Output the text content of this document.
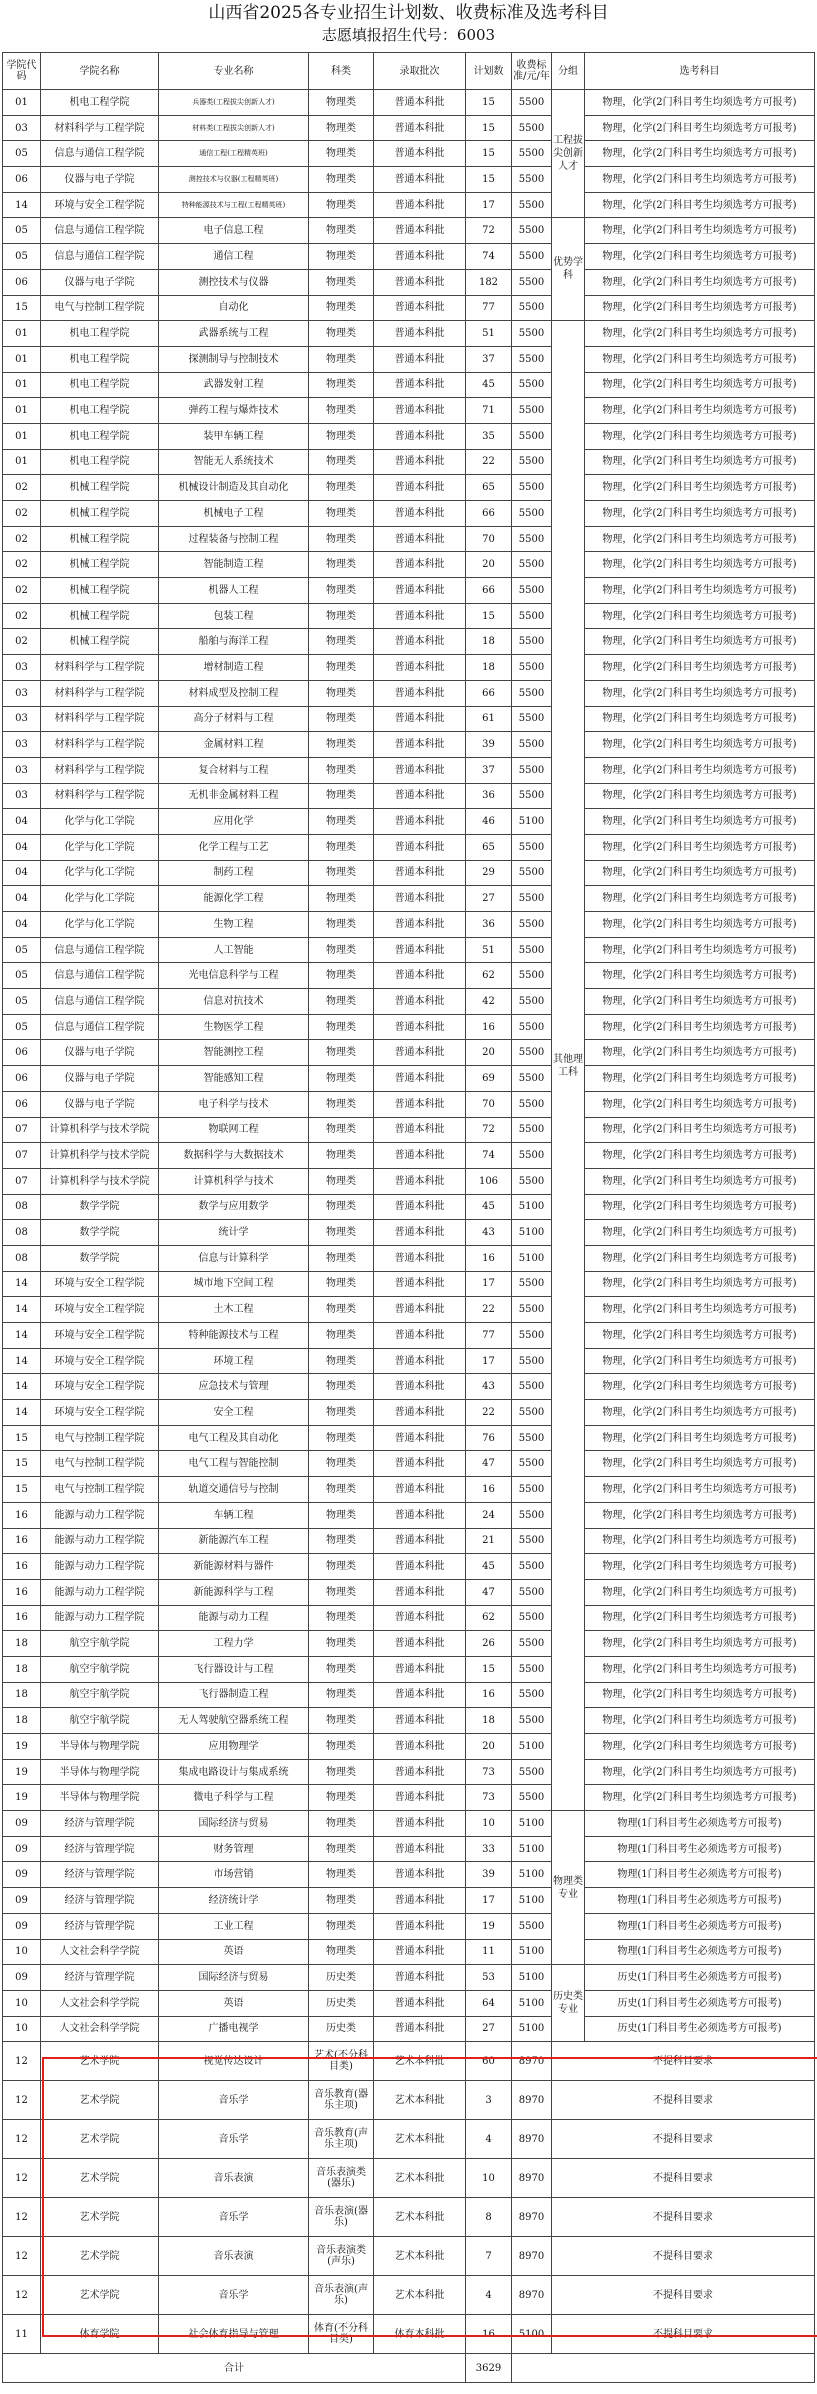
山西省2025各专业招生计划数、收费标准及选考科目
志愿填报招生代号：6003
学院代码	学院名称	专业名称	科类	录取批次	计划数	收费标准/元/年	分组	选考科目
01	机电工程学院	兵器类(工程拔尖创新人才)	物理类	普通本科批	15	5500	工程拔尖创新人才	物理，化学(2门科目考生均须选考方可报考)
03	材料科学与工程学院	材料类(工程拔尖创新人才)	物理类	普通本科批	15	5500		物理，化学(2门科目考生均须选考方可报考)
05	信息与通信工程学院	通信工程(工程精英班)	物理类	普通本科批	15	5500		物理，化学(2门科目考生均须选考方可报考)
06	仪器与电子学院	测控技术与仪器(工程精英班)	物理类	普通本科批	15	5500		物理，化学(2门科目考生均须选考方可报考)
14	环境与安全工程学院	特种能源技术与工程(工程精英班)	物理类	普通本科批	17	5500		物理，化学(2门科目考生均须选考方可报考)
05	信息与通信工程学院	电子信息工程	物理类	普通本科批	72	5500	优势学科	物理，化学(2门科目考生均须选考方可报考)
05	信息与通信工程学院	通信工程	物理类	普通本科批	74	5500		物理，化学(2门科目考生均须选考方可报考)
06	仪器与电子学院	测控技术与仪器	物理类	普通本科批	182	5500		物理，化学(2门科目考生均须选考方可报考)
15	电气与控制工程学院	自动化	物理类	普通本科批	77	5500		物理，化学(2门科目考生均须选考方可报考)
01	机电工程学院	武器系统与工程	物理类	普通本科批	51	5500	其他理工科	物理，化学(2门科目考生均须选考方可报考)
01	机电工程学院	探测制导与控制技术	物理类	普通本科批	37	5500		物理，化学(2门科目考生均须选考方可报考)
01	机电工程学院	武器发射工程	物理类	普通本科批	45	5500		物理，化学(2门科目考生均须选考方可报考)
01	机电工程学院	弹药工程与爆炸技术	物理类	普通本科批	71	5500		物理，化学(2门科目考生均须选考方可报考)
01	机电工程学院	装甲车辆工程	物理类	普通本科批	35	5500		物理，化学(2门科目考生均须选考方可报考)
01	机电工程学院	智能无人系统技术	物理类	普通本科批	22	5500		物理，化学(2门科目考生均须选考方可报考)
02	机械工程学院	机械设计制造及其自动化	物理类	普通本科批	65	5500		物理，化学(2门科目考生均须选考方可报考)
02	机械工程学院	机械电子工程	物理类	普通本科批	66	5500		物理，化学(2门科目考生均须选考方可报考)
02	机械工程学院	过程装备与控制工程	物理类	普通本科批	70	5500		物理，化学(2门科目考生均须选考方可报考)
02	机械工程学院	智能制造工程	物理类	普通本科批	20	5500		物理，化学(2门科目考生均须选考方可报考)
02	机械工程学院	机器人工程	物理类	普通本科批	66	5500		物理，化学(2门科目考生均须选考方可报考)
02	机械工程学院	包装工程	物理类	普通本科批	15	5500		物理，化学(2门科目考生均须选考方可报考)
02	机械工程学院	船舶与海洋工程	物理类	普通本科批	18	5500		物理，化学(2门科目考生均须选考方可报考)
03	材料科学与工程学院	增材制造工程	物理类	普通本科批	18	5500		物理，化学(2门科目考生均须选考方可报考)
03	材料科学与工程学院	材料成型及控制工程	物理类	普通本科批	66	5500		物理，化学(2门科目考生均须选考方可报考)
03	材料科学与工程学院	高分子材料与工程	物理类	普通本科批	61	5500		物理，化学(2门科目考生均须选考方可报考)
03	材料科学与工程学院	金属材料工程	物理类	普通本科批	39	5500		物理，化学(2门科目考生均须选考方可报考)
03	材料科学与工程学院	复合材料与工程	物理类	普通本科批	37	5500		物理，化学(2门科目考生均须选考方可报考)
03	材料科学与工程学院	无机非金属材料工程	物理类	普通本科批	36	5500		物理，化学(2门科目考生均须选考方可报考)
04	化学与化工学院	应用化学	物理类	普通本科批	46	5100		物理，化学(2门科目考生均须选考方可报考)
04	化学与化工学院	化学工程与工艺	物理类	普通本科批	65	5500		物理，化学(2门科目考生均须选考方可报考)
04	化学与化工学院	制药工程	物理类	普通本科批	29	5500		物理，化学(2门科目考生均须选考方可报考)
04	化学与化工学院	能源化学工程	物理类	普通本科批	27	5500		物理，化学(2门科目考生均须选考方可报考)
04	化学与化工学院	生物工程	物理类	普通本科批	36	5500		物理，化学(2门科目考生均须选考方可报考)
05	信息与通信工程学院	人工智能	物理类	普通本科批	51	5500		物理，化学(2门科目考生均须选考方可报考)
05	信息与通信工程学院	光电信息科学与工程	物理类	普通本科批	62	5500		物理，化学(2门科目考生均须选考方可报考)
05	信息与通信工程学院	信息对抗技术	物理类	普通本科批	42	5500		物理，化学(2门科目考生均须选考方可报考)
05	信息与通信工程学院	生物医学工程	物理类	普通本科批	16	5500		物理，化学(2门科目考生均须选考方可报考)
06	仪器与电子学院	智能测控工程	物理类	普通本科批	20	5500		物理，化学(2门科目考生均须选考方可报考)
06	仪器与电子学院	智能感知工程	物理类	普通本科批	69	5500		物理，化学(2门科目考生均须选考方可报考)
06	仪器与电子学院	电子科学与技术	物理类	普通本科批	70	5500		物理，化学(2门科目考生均须选考方可报考)
07	计算机科学与技术学院	物联网工程	物理类	普通本科批	72	5500		物理，化学(2门科目考生均须选考方可报考)
07	计算机科学与技术学院	数据科学与大数据技术	物理类	普通本科批	74	5500		物理，化学(2门科目考生均须选考方可报考)
07	计算机科学与技术学院	计算机科学与技术	物理类	普通本科批	106	5500		物理，化学(2门科目考生均须选考方可报考)
08	数学学院	数学与应用数学	物理类	普通本科批	45	5100		物理，化学(2门科目考生均须选考方可报考)
08	数学学院	统计学	物理类	普通本科批	43	5100		物理，化学(2门科目考生均须选考方可报考)
08	数学学院	信息与计算科学	物理类	普通本科批	16	5100		物理，化学(2门科目考生均须选考方可报考)
14	环境与安全工程学院	城市地下空间工程	物理类	普通本科批	17	5500		物理，化学(2门科目考生均须选考方可报考)
14	环境与安全工程学院	土木工程	物理类	普通本科批	22	5500		物理，化学(2门科目考生均须选考方可报考)
14	环境与安全工程学院	特种能源技术与工程	物理类	普通本科批	77	5500		物理，化学(2门科目考生均须选考方可报考)
14	环境与安全工程学院	环境工程	物理类	普通本科批	17	5500		物理，化学(2门科目考生均须选考方可报考)
14	环境与安全工程学院	应急技术与管理	物理类	普通本科批	43	5500		物理，化学(2门科目考生均须选考方可报考)
14	环境与安全工程学院	安全工程	物理类	普通本科批	22	5500		物理，化学(2门科目考生均须选考方可报考)
15	电气与控制工程学院	电气工程及其自动化	物理类	普通本科批	76	5500		物理，化学(2门科目考生均须选考方可报考)
15	电气与控制工程学院	电气工程与智能控制	物理类	普通本科批	47	5500		物理，化学(2门科目考生均须选考方可报考)
15	电气与控制工程学院	轨道交通信号与控制	物理类	普通本科批	16	5500		物理，化学(2门科目考生均须选考方可报考)
16	能源与动力工程学院	车辆工程	物理类	普通本科批	24	5500		物理，化学(2门科目考生均须选考方可报考)
16	能源与动力工程学院	新能源汽车工程	物理类	普通本科批	21	5500		物理，化学(2门科目考生均须选考方可报考)
16	能源与动力工程学院	新能源材料与器件	物理类	普通本科批	45	5500		物理，化学(2门科目考生均须选考方可报考)
16	能源与动力工程学院	新能源科学与工程	物理类	普通本科批	47	5500		物理，化学(2门科目考生均须选考方可报考)
16	能源与动力工程学院	能源与动力工程	物理类	普通本科批	62	5500		物理，化学(2门科目考生均须选考方可报考)
18	航空宇航学院	工程力学	物理类	普通本科批	26	5500		物理，化学(2门科目考生均须选考方可报考)
18	航空宇航学院	飞行器设计与工程	物理类	普通本科批	15	5500		物理，化学(2门科目考生均须选考方可报考)
18	航空宇航学院	飞行器制造工程	物理类	普通本科批	16	5500		物理，化学(2门科目考生均须选考方可报考)
18	航空宇航学院	无人驾驶航空器系统工程	物理类	普通本科批	18	5500		物理，化学(2门科目考生均须选考方可报考)
19	半导体与物理学院	应用物理学	物理类	普通本科批	20	5100		物理，化学(2门科目考生均须选考方可报考)
19	半导体与物理学院	集成电路设计与集成系统	物理类	普通本科批	73	5500		物理，化学(2门科目考生均须选考方可报考)
19	半导体与物理学院	微电子科学与工程	物理类	普通本科批	73	5500		物理，化学(2门科目考生均须选考方可报考)
09	经济与管理学院	国际经济与贸易	物理类	普通本科批	10	5100	物理类专业	物理(1门科目考生必须选考方可报考)
09	经济与管理学院	财务管理	物理类	普通本科批	33	5100		物理(1门科目考生必须选考方可报考)
09	经济与管理学院	市场营销	物理类	普通本科批	39	5100		物理(1门科目考生必须选考方可报考)
09	经济与管理学院	经济统计学	物理类	普通本科批	17	5100		物理(1门科目考生必须选考方可报考)
09	经济与管理学院	工业工程	物理类	普通本科批	19	5500		物理(1门科目考生必须选考方可报考)
10	人文社会科学学院	英语	物理类	普通本科批	11	5100		物理(1门科目考生必须选考方可报考)
09	经济与管理学院	国际经济与贸易	历史类	普通本科批	53	5100	历史类专业	历史(1门科目考生必须选考方可报考)
10	人文社会科学学院	英语	历史类	普通本科批	64	5100		历史(1门科目考生必须选考方可报考)
10	人文社会科学学院	广播电视学	历史类	普通本科批	27	5100		历史(1门科目考生必须选考方可报考)
12	艺术学院	视觉传达设计	艺术(不分科目类)	艺术本科批	60	8970	不提科目要求	
12	艺术学院	音乐学	音乐教育(器乐主项)	艺术本科批	3	8970	不提科目要求	
12	艺术学院	音乐学	音乐教育(声乐主项)	艺术本科批	4	8970	不提科目要求	
12	艺术学院	音乐表演	音乐表演类(器乐)	艺术本科批	10	8970	不提科目要求	
12	艺术学院	音乐学	音乐表演(器乐)	艺术本科批	8	8970	不提科目要求	
12	艺术学院	音乐表演	音乐表演类(声乐)	艺术本科批	7	8970	不提科目要求	
12	艺术学院	音乐学	音乐表演(声乐)	艺术本科批	4	8970	不提科目要求	
11	体育学院	社会体育指导与管理	体育(不分科目类)	体育本科批	16	5100	不提科目要求	
合计					3629			
